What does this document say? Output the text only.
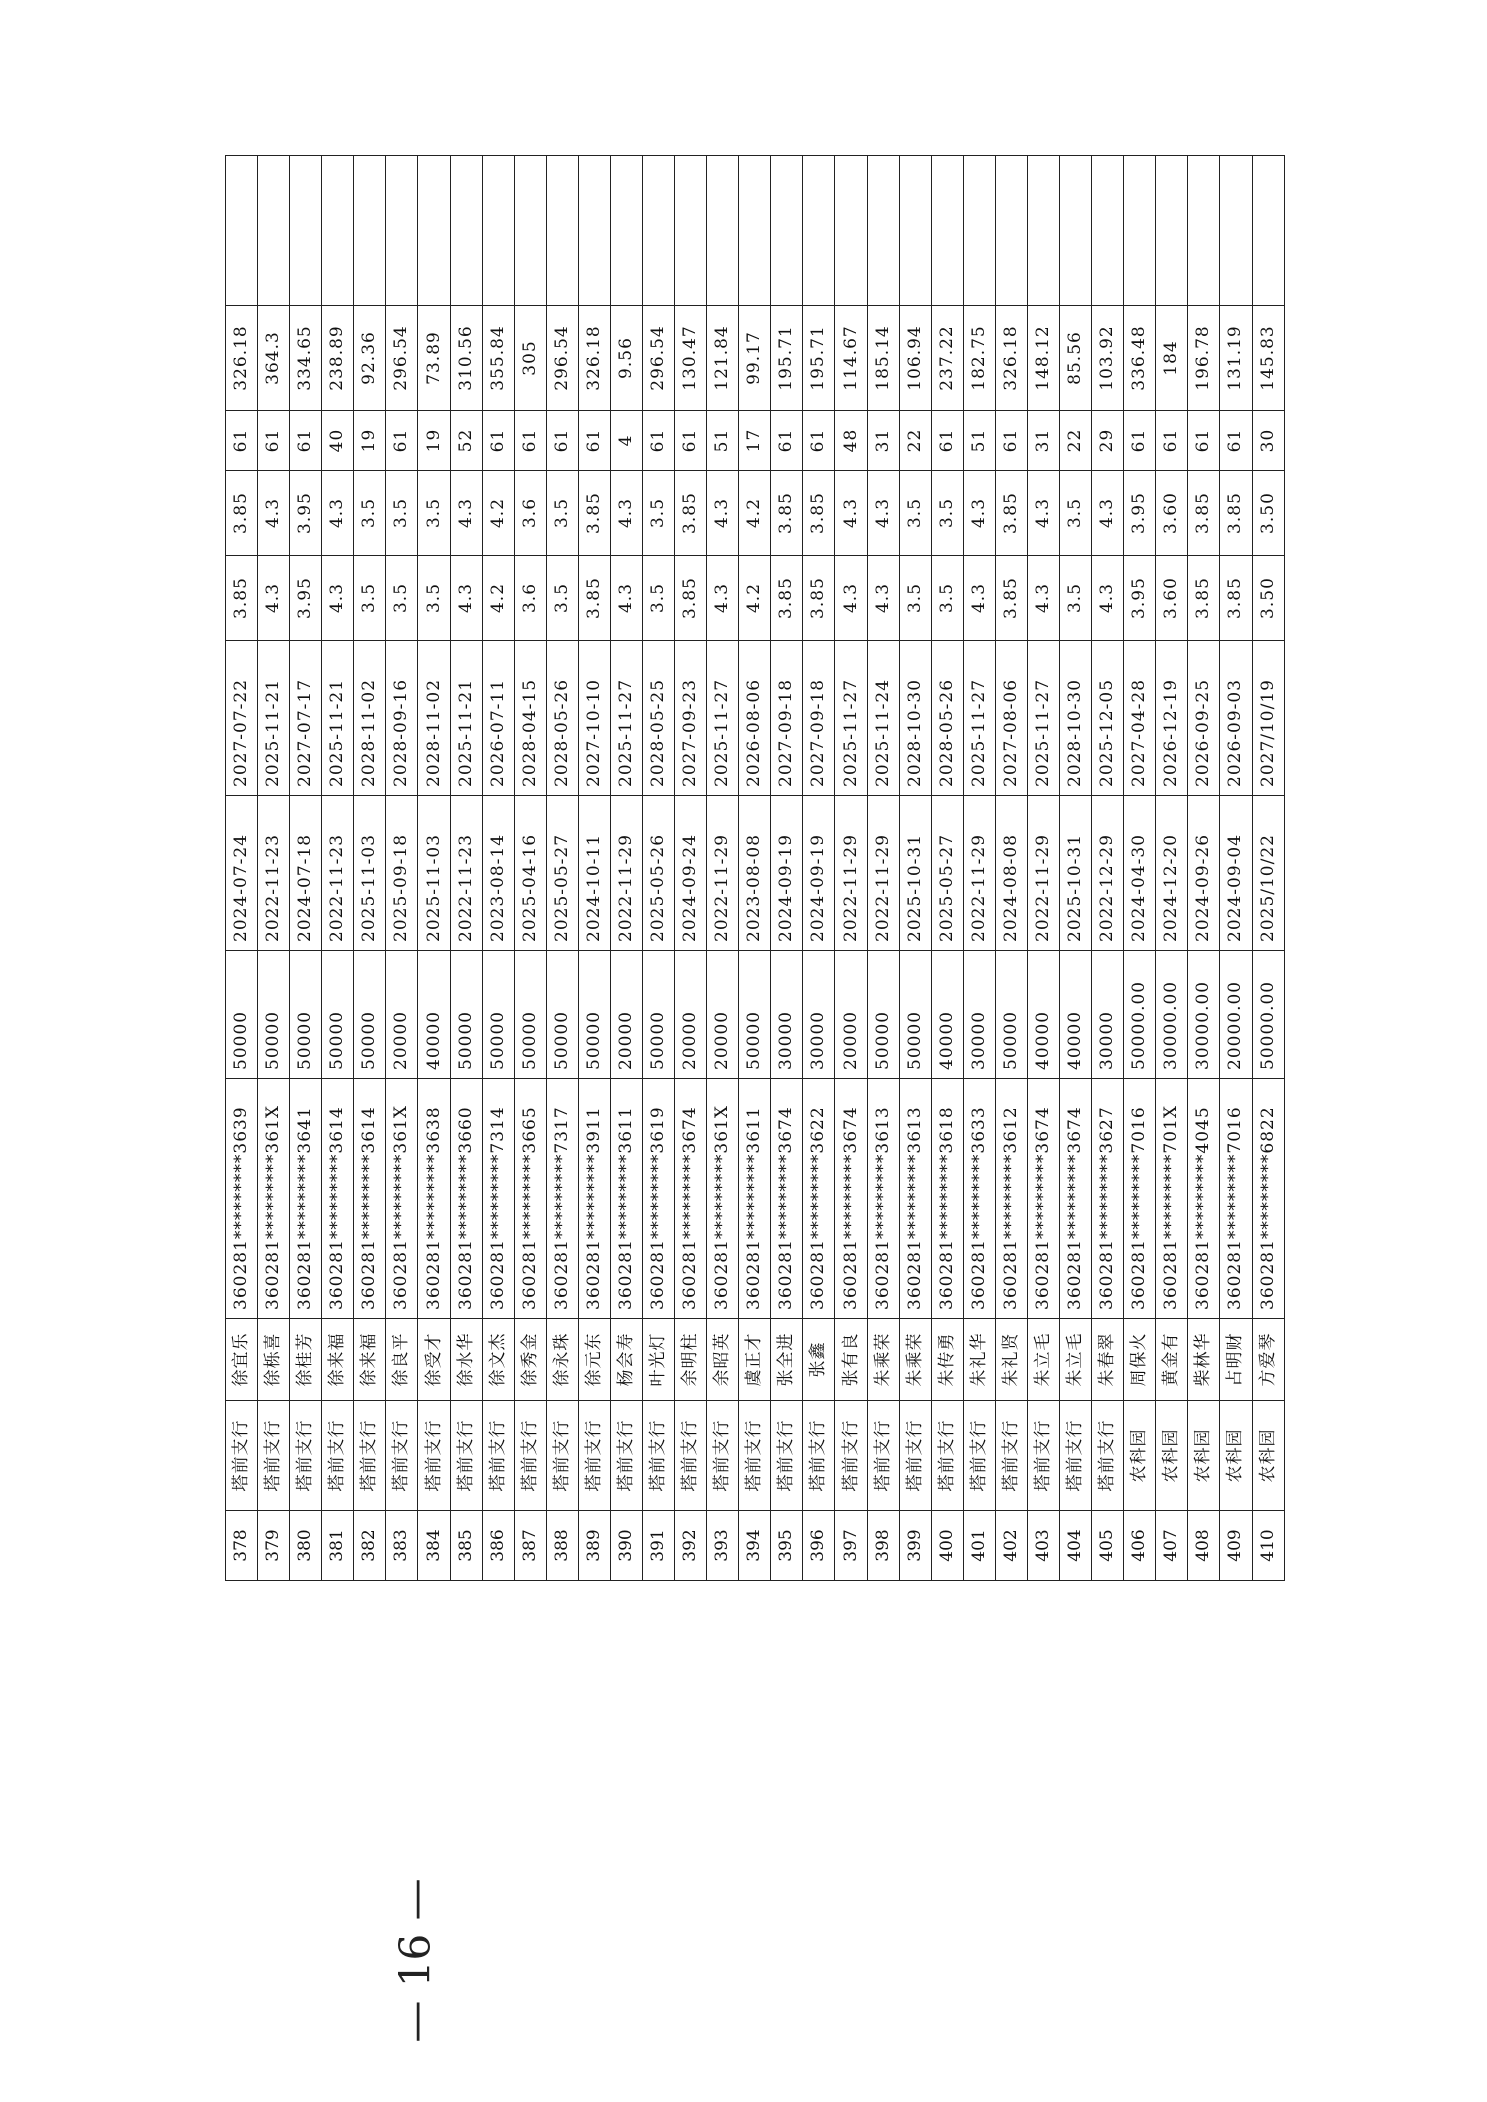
378	塔前支行	徐宜乐	360281*********3639	50000	2024-07-24	2027-07-22	3.85	3.85	61	326.18	
379	塔前支行	徐栎喜	360281*********361X	50000	2022-11-23	2025-11-21	4.3	4.3	61	364.3	
380	塔前支行	徐桂芳	360281*********3641	50000	2024-07-18	2027-07-17	3.95	3.95	61	334.65	
381	塔前支行	徐来福	360281*********3614	50000	2022-11-23	2025-11-21	4.3	4.3	40	238.89	
382	塔前支行	徐来福	360281*********3614	50000	2025-11-03	2028-11-02	3.5	3.5	19	92.36	
383	塔前支行	徐良平	360281*********361X	20000	2025-09-18	2028-09-16	3.5	3.5	61	296.54	
384	塔前支行	徐受才	360281*********3638	40000	2025-11-03	2028-11-02	3.5	3.5	19	73.89	
385	塔前支行	徐水华	360281*********3660	50000	2022-11-23	2025-11-21	4.3	4.3	52	310.56	
386	塔前支行	徐文杰	360281*********7314	50000	2023-08-14	2026-07-11	4.2	4.2	61	355.84	
387	塔前支行	徐秀金	360281*********3665	50000	2025-04-16	2028-04-15	3.6	3.6	61	305	
388	塔前支行	徐永珠	360281*********7317	50000	2025-05-27	2028-05-26	3.5	3.5	61	296.54	
389	塔前支行	徐元东	360281*********3911	50000	2024-10-11	2027-10-10	3.85	3.85	61	326.18	
390	塔前支行	杨会寿	360281*********3611	20000	2022-11-29	2025-11-27	4.3	4.3	4	9.56	
391	塔前支行	叶光灯	360281*********3619	50000	2025-05-26	2028-05-25	3.5	3.5	61	296.54	
392	塔前支行	余明柱	360281*********3674	20000	2024-09-24	2027-09-23	3.85	3.85	61	130.47	
393	塔前支行	余昭英	360281*********361X	20000	2022-11-29	2025-11-27	4.3	4.3	51	121.84	
394	塔前支行	虞正才	360281*********3611	50000	2023-08-08	2026-08-06	4.2	4.2	17	99.17	
395	塔前支行	张全进	360281*********3674	30000	2024-09-19	2027-09-18	3.85	3.85	61	195.71	
396	塔前支行	张鑫	360281*********3622	30000	2024-09-19	2027-09-18	3.85	3.85	61	195.71	
397	塔前支行	张有良	360281*********3674	20000	2022-11-29	2025-11-27	4.3	4.3	48	114.67	
398	塔前支行	朱乘荣	360281*********3613	50000	2022-11-29	2025-11-24	4.3	4.3	31	185.14	
399	塔前支行	朱乘荣	360281*********3613	50000	2025-10-31	2028-10-30	3.5	3.5	22	106.94	
400	塔前支行	朱传勇	360281*********3618	40000	2025-05-27	2028-05-26	3.5	3.5	61	237.22	
401	塔前支行	朱礼华	360281*********3633	30000	2022-11-29	2025-11-27	4.3	4.3	51	182.75	
402	塔前支行	朱礼贤	360281*********3612	50000	2024-08-08	2027-08-06	3.85	3.85	61	326.18	
403	塔前支行	朱立毛	360281*********3674	40000	2022-11-29	2025-11-27	4.3	4.3	31	148.12	
404	塔前支行	朱立毛	360281*********3674	40000	2025-10-31	2028-10-30	3.5	3.5	22	85.56	
405	塔前支行	朱春翠	360281*********3627	30000	2022-12-29	2025-12-05	4.3	4.3	29	103.92	
406	农科园	周保火	360281*********7016	50000.00	2024-04-30	2027-04-28	3.95	3.95	61	336.48	
407	农科园	黄金有	360281*********701X	30000.00	2024-12-20	2026-12-19	3.60	3.60	61	184	
408	农科园	柴林华	360281*********4045	30000.00	2024-09-26	2026-09-25	3.85	3.85	61	196.78	
409	农科园	占明财	360281*********7016	20000.00	2024-09-04	2026-09-03	3.85	3.85	61	131.19	
410	农科园	方爱琴	360281*********6822	50000.00	2025/10/22	2027/10/19	3.50	3.50	30	145.83	
— 16 —
